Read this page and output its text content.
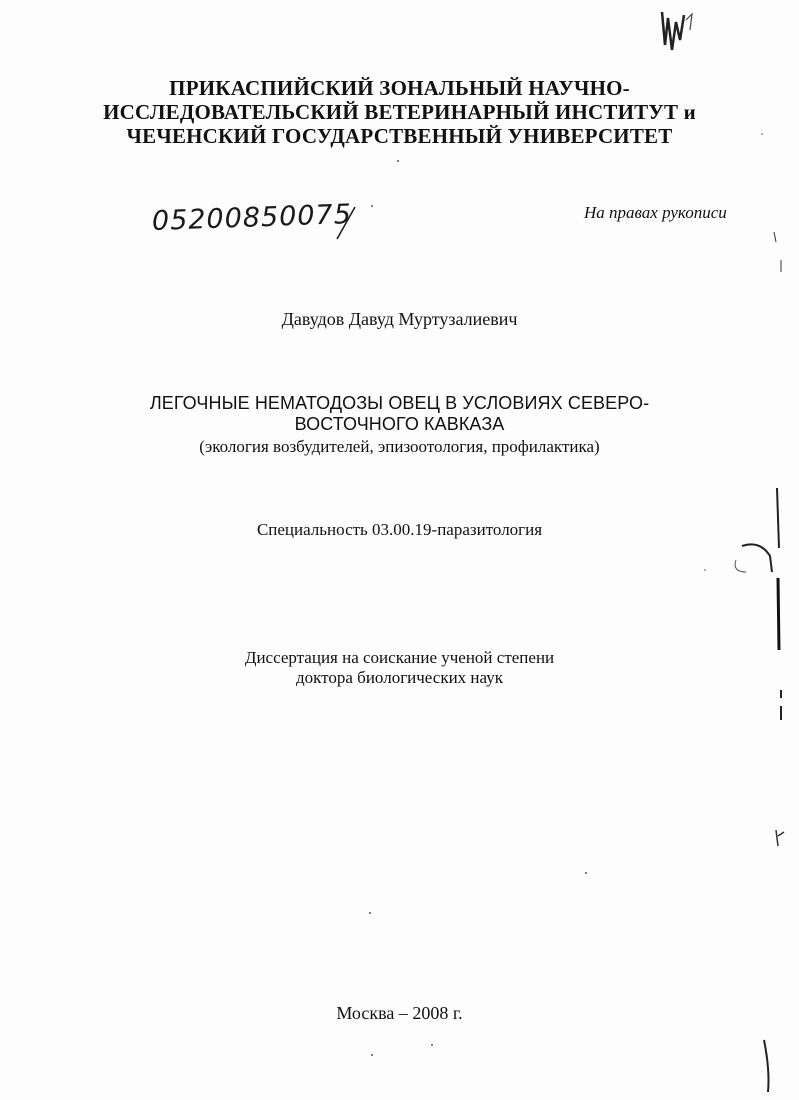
ПРИКАСПИЙСКИЙ ЗОНАЛЬНЫЙ НАУЧНО-
ИССЛЕДОВАТЕЛЬСКИЙ ВЕТЕРИНАРНЫЙ ИНСТИТУТ и
ЧЕЧЕНСКИЙ ГОСУДАРСТВЕННЫЙ УНИВЕРСИТЕТ
05200850075	На правах рукописи
Давудов Давуд Муртузалиевич
ЛЕГОЧНЫЕ НЕМАТОДОЗЫ ОВЕЦ В УСЛОВИЯХ СЕВЕРО-
ВОСТОЧНОГО КАВКАЗА
(экология возбудителей, эпизоотология, профилактика)
Специальность 03.00.19-паразитология
Диссертация на соискание ученой степени
доктора биологических наук
Москва – 2008 г.
